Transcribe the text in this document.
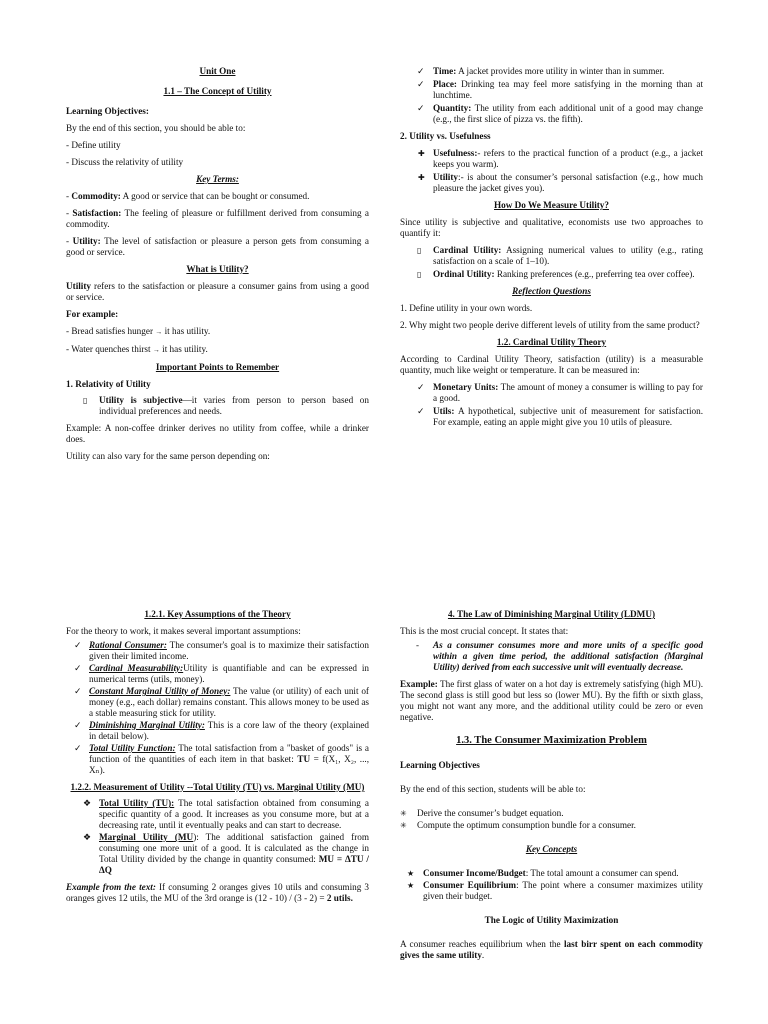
Unit One

1.1 – The Concept of Utility

Learning Objectives:

By the end of this section, you should be able to:

- Define utility

- Discuss the relativity of utility

Key Terms:

- Commodity: A good or service that can be bought or consumed.

- Satisfaction: The feeling of pleasure or fulfillment derived from consuming a commodity.

- Utility: The level of satisfaction or pleasure a person gets from consuming a good or service.

What is Utility?

Utility refers to the satisfaction or pleasure a consumer gains from using a good or service.

For example:

- Bread satisfies hunger → it has utility.

- Water quenches thirst → it has utility.

Important Points to Remember

1. Relativity of Utility

▯
Utility is subjective—it varies from person to person based on individual preferences and needs.

Example: A non-coffee drinker derives no utility from coffee, while a drinker does.

Utility can also vary for the same person depending on:

✓
Time: A jacket provides more utility in winter than in summer.
✓
Place: Drinking tea may feel more satisfying in the morning than at lunchtime.
✓
Quantity: The utility from each additional unit of a good may change (e.g., the first slice of pizza vs. the fifth).

2. Utility vs. Usefulness

✚
Usefulness:- refers to the practical function of a product (e.g., a jacket keeps you warm).
✚
Utility:- is about the consumer’s personal satisfaction (e.g., how much pleasure the jacket gives you).

How Do We Measure Utility?

Since utility is subjective and qualitative, economists use two approaches to quantify it:

▯
Cardinal Utility: Assigning numerical values to utility (e.g., rating satisfaction on a scale of 1–10).
▯
Ordinal Utility: Ranking preferences (e.g., preferring tea over coffee).

Reflection Questions

1. Define utility in your own words.

2. Why might two people derive different levels of utility from the same product?

1.2. Cardinal Utility Theory

According to Cardinal Utility Theory, satisfaction (utility) is a measurable quantity, much like weight or temperature. It can be measured in:

✓
Monetary Units: The amount of money a consumer is willing to pay for a good.
✓
Utils: A hypothetical, subjective unit of measurement for satisfaction. For example, eating an apple might give you 10 utils of pleasure.

1.2.1. Key Assumptions of the Theory

For the theory to work, it makes several important assumptions:

✓
Rational Consumer: The consumer's goal is to maximize their satisfaction given their limited income.
✓
Cardinal Measurability:Utility is quantifiable and can be expressed in numerical terms (utils, money).
✓
Constant Marginal Utility of Money: The value (or utility) of each unit of money (e.g., each dollar) remains constant. This allows money to be used as a stable measuring stick for utility.
✓
Diminishing Marginal Utility: This is a core law of the theory (explained in detail below).
✓
Total Utility Function: The total satisfaction from a "basket of goods" is a function of the quantities of each item in that basket: TU = f(X₁, X₂, ..., Xₙ).

1.2.2. Measurement of Utility --Total Utility (TU) vs. Marginal Utility (MU)

❖
Total Utility (TU): The total satisfaction obtained from consuming a specific quantity of a good. It increases as you consume more, but at a decreasing rate, until it eventually peaks and can start to decrease.
❖
Marginal Utility (MU): The additional satisfaction gained from consuming one more unit of a good. It is calculated as the change in Total Utility divided by the change in quantity consumed: MU = ΔTU / ΔQ

Example from the text: If consuming 2 oranges gives 10 utils and consuming 3 oranges gives 12 utils, the MU of the 3rd orange is (12 - 10) / (3 - 2) = 2 utils.

4. The Law of Diminishing Marginal Utility (LDMU)

This is the most crucial concept. It states that:

-
As a consumer consumes more and more units of a specific good within a given time period, the additional satisfaction (Marginal Utility) derived from each successive unit will eventually decrease.

Example: The first glass of water on a hot day is extremely satisfying (high MU). The second glass is still good but less so (lower MU). By the fifth or sixth glass, you might not want any more, and the additional utility could be zero or even negative.

1.3. The Consumer Maximization Problem

Learning Objectives

By the end of this section, students will be able to:

✳
Derive the consumer’s budget equation.
✳
Compute the optimum consumption bundle for a consumer.

Key Concepts

★
Consumer Income/Budget: The total amount a consumer can spend.
★
Consumer Equilibrium: The point where a consumer maximizes utility given their budget.

The Logic of Utility Maximization

A consumer reaches equilibrium when the last birr spent on each commodity gives the same utility.
